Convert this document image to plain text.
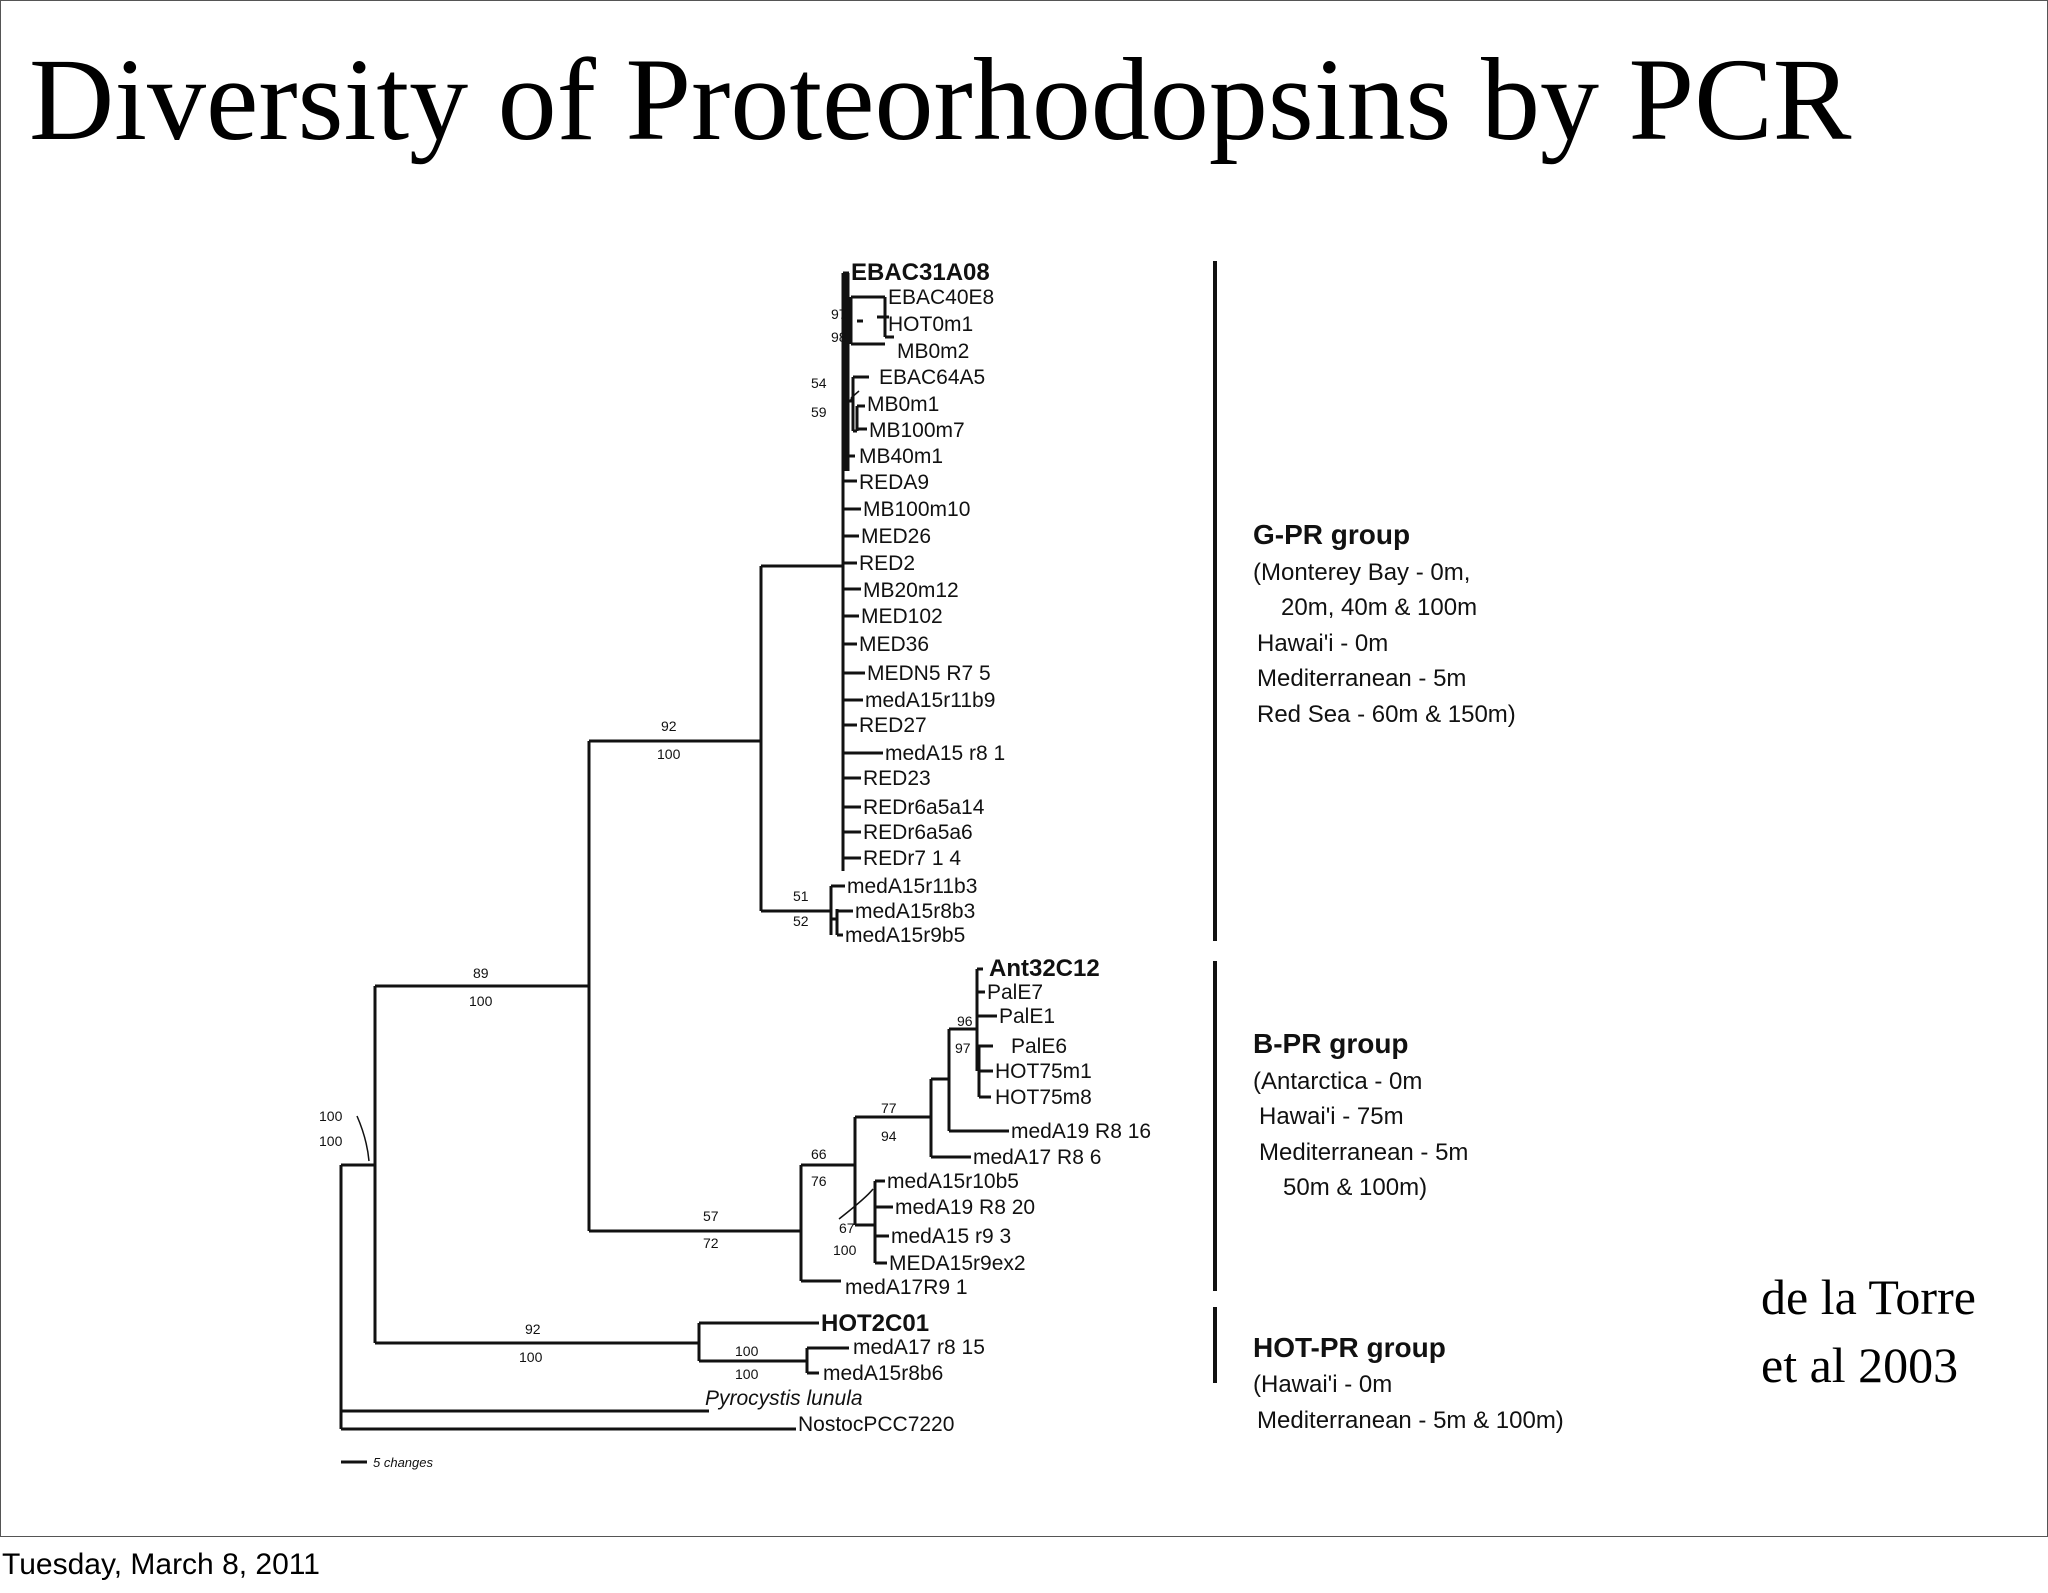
Diversity of Proteorhodopsins by PCR
EBAC31A08
EBAC40E8
HOT0m1
MB0m2
EBAC64A5
MB0m1
MB100m7
MB40m1
REDA9
MB100m10
MED26
RED2
MB20m12
MED102
MED36
MEDN5 R7 5
medA15r11b9
RED27
medA15 r8 1
RED23
REDr6a5a14
REDr6a5a6
REDr7 1 4
medA15r11b3
medA15r8b3
medA15r9b5
Ant32C12
PalE7
PalE1
PalE6
HOT75m1
HOT75m8
medA19 R8 16
medA17 R8 6
medA15r10b5
medA19 R8 20
medA15 r9 3
MEDA15r9ex2
medA17R9 1
HOT2C01
medA17 r8 15
medA15r8b6
Pyrocystis lunula
NostocPCC7220
97
98
54
59
92
100
51
52
89
100
100
100
96
97
77
94
66
76
57
72
67
100
92
100	100
100
5 changes
G-PR group
(Monterey Bay - 0m,
20m, 40m & 100m
Hawai'i - 0m
Mediterranean - 5m
Red Sea - 60m & 150m)
B-PR group
(Antarctica - 0m
Hawai'i - 75m
Mediterranean - 5m
50m & 100m)
HOT-PR group
(Hawai'i - 0m
Mediterranean - 5m & 100m)
de la Torre
et al 2003
Tuesday, March 8, 2011
